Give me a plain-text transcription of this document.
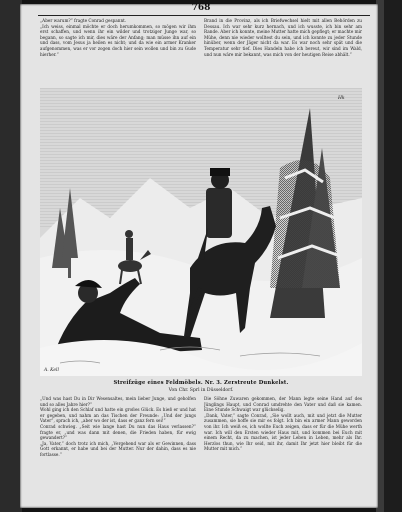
768

„Aber warum?“ fragte Conrad gespannt.

„Ich weiss, einmal möchte er doch herumkommen, so mögen wir ihm erst schaffen, und wenn ihr ein wilder und trotziger Junge war, so begann, so sagte ich mir, dies wäre der Anfang; man müsse ihn auf ein und dass, vom Jesus ja heilen es nicht; und da wie ein armer Kranker aufgenommen, was er vor zogen doch hier sein wollen und bin zu Gude hierher.“

Brand in die Provinz, als ich Briefwechsel hielt mit allen Behörden zu Dessau. Ich war sehr kurz hernach, und ich wusste, ich bin sehr am Rande. Aber ich konnte, meine Mutter hatte mich gepflegt; er machte mir Mühe, denn nie wieder wolltest du sein, und ich konnte zu jeder Stunde hinüber, wenn der Jäger nicht da war. Es war noch sehr spät und die Temperatur sehr tief. Dies Handeln habe ich bereut, wir sind im Wald, und nun wäre mir bekannt, was mich von der heutigen Reise abhält.“

A. Kell
Hk
Streifzüge eines Feldmöbels. Nr. 3. Zerstreute Dunkelst.
Von Chr. Sprl in Düsseldorf.

„Und was hast Du in Dir Wesensaltes, mein lieber Junge, und geholfen und so alles Jahre hier?“

Wohl ging ich den Schlaf und hatte ein großes Glück. Es hieß er und hat er gegeben, und nahm an das Tischen der Freunde: „Und der jungs Vater“, sprach ich, „aber wo der ist, dass er ganz fern sei!“

Conrad schwieg. „Seit wie lange hast Du nun das Haus verlassen?“ fragte er, „und was dann mit denen, die Frieden haben, für ewig gewandert?“

„Ja, Vater,“ doch trotz ich mich, „Vergehend war als er Gewinnen, dass Gott erkannt, er habe und bei der Mutter. Nur der dahin, dass es nie fortlasse.“

Die Söhne Zuwaren gekommen, der Mann legte seine Hand auf des Jünglings Haupt, und Conrad umdrehte den Vater und daß sie kamen. Eine Stunde Schwaigt war glückselig.

„Dank, Vater,“ sagte Conrad, „Sie wollt auch, mit und jetzt die Mutter zusammen, sie hoffe sie mir es folgt. Ich bin ein armer Mann geworden von ihr. Ich weiß es, ich wollte Euch zeigen, dass er für die Mühe werth war. Ich will den Ersten wieder Haus mit, und kommen bei Euch mit einem Recht, da zu machen, ist jeder Leben in Leben, mehr als Ihr. Herzlos thun, wie Ihr seid, mit ihr, damit Ihr jetzt hier bleibt für die Mutter mit mich.“
